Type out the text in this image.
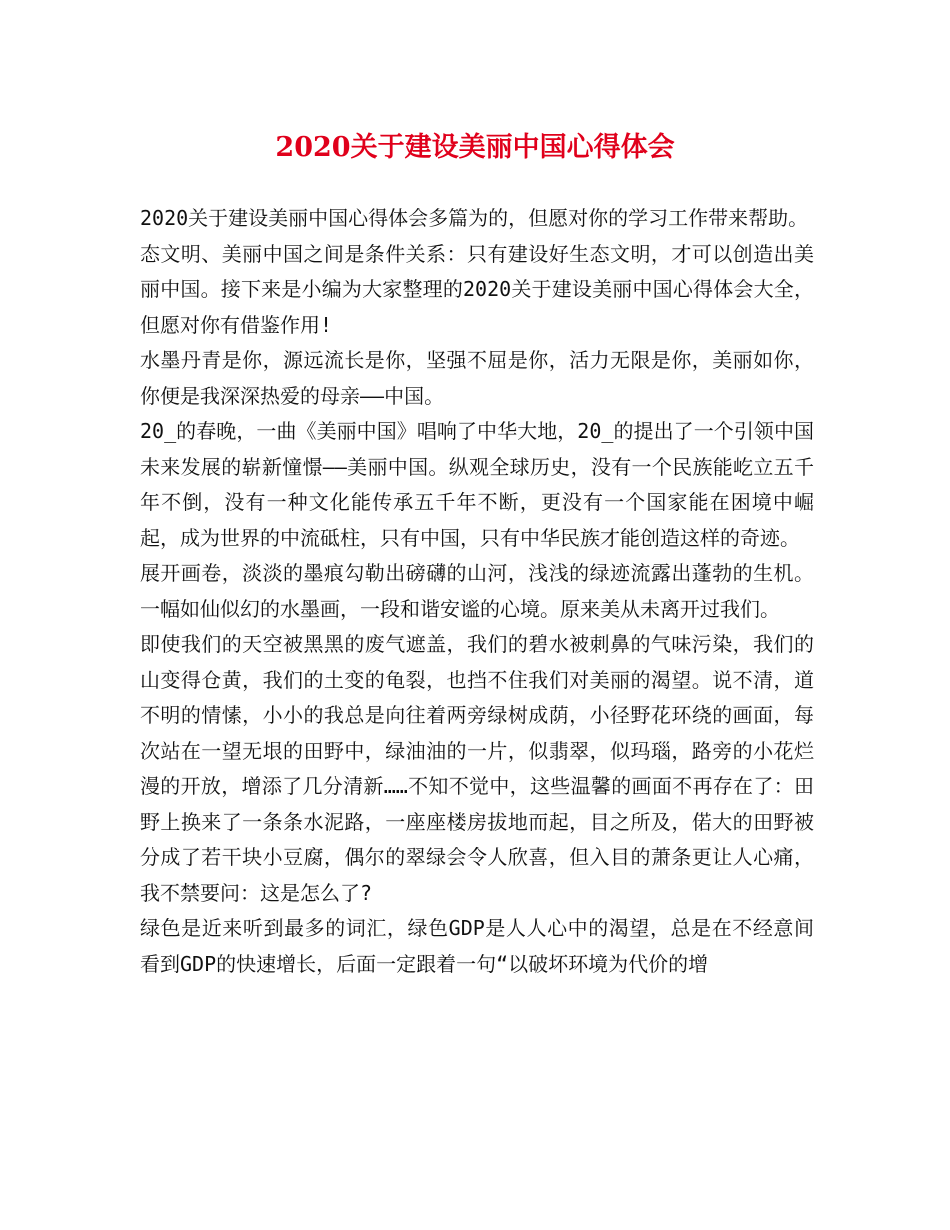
2020关于建设美丽中国心得体会

2020关于建设美丽中国心得体会多篇为的，但愿对你的学习工作带来帮助。

态文明、美丽中国之间是条件关系：只有建设好生态文明，才可以创造出美丽中国。接下来是小编为大家整理的2020关于建设美丽中国心得体会大全，但愿对你有借鉴作用!

水墨丹青是你，源远流长是你，坚强不屈是你，活力无限是你，美丽如你，你便是我深深热爱的母亲——中国。

20_的春晚，一曲《美丽中国》唱响了中华大地，20_的提出了一个引领中国未来发展的崭新憧憬——美丽中国。纵观全球历史，没有一个民族能屹立五千年不倒，没有一种文化能传承五千年不断，更没有一个国家能在困境中崛起，成为世界的中流砥柱，只有中国，只有中华民族才能创造这样的奇迹。

展开画卷，淡淡的墨痕勾勒出磅礴的山河，浅浅的绿迹流露出蓬勃的生机。一幅如仙似幻的水墨画，一段和谐安谧的心境。原来美从未离开过我们。

即使我们的天空被黑黑的废气遮盖，我们的碧水被刺鼻的气味污染，我们的山变得仓黄，我们的土变的龟裂，也挡不住我们对美丽的渴望。说不清，道不明的情愫，小小的我总是向往着两旁绿树成荫，小径野花环绕的画面，每次站在一望无垠的田野中，绿油油的一片，似翡翠，似玛瑙，路旁的小花烂漫的开放，增添了几分清新……不知不觉中，这些温馨的画面不再存在了：田野上换来了一条条水泥路，一座座楼房拔地而起，目之所及，偌大的田野被分成了若干块小豆腐，偶尔的翠绿会令人欣喜，但入目的萧条更让人心痛，我不禁要问：这是怎么了?

绿色是近来听到最多的词汇，绿色GDP是人人心中的渴望，总是在不经意间看到GDP的快速增长，后面一定跟着一句“以破坏环境为代价的增
